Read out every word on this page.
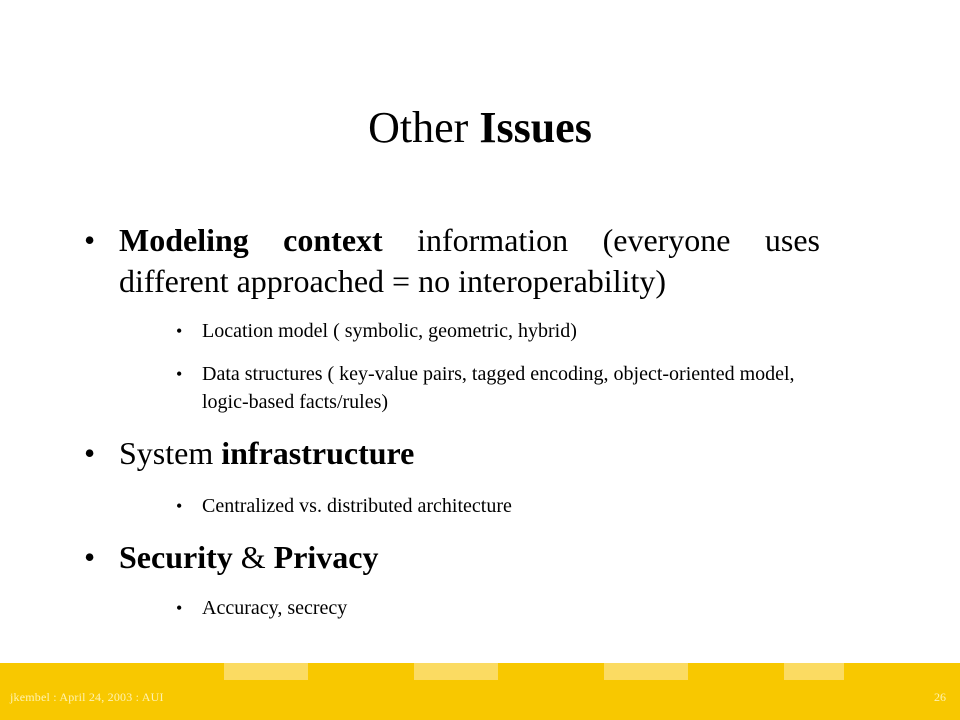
Other Issues
• Modeling context information (everyone uses different approached = no interoperability)
• Location model ( symbolic, geometric, hybrid)
• Data structures ( key-value pairs, tagged encoding, object-oriented model, logic-based facts/rules)
• System infrastructure
• Centralized vs. distributed architecture
• Security & Privacy
• Accuracy, secrecy
jkembel : April 24, 2003 : AUI	26
